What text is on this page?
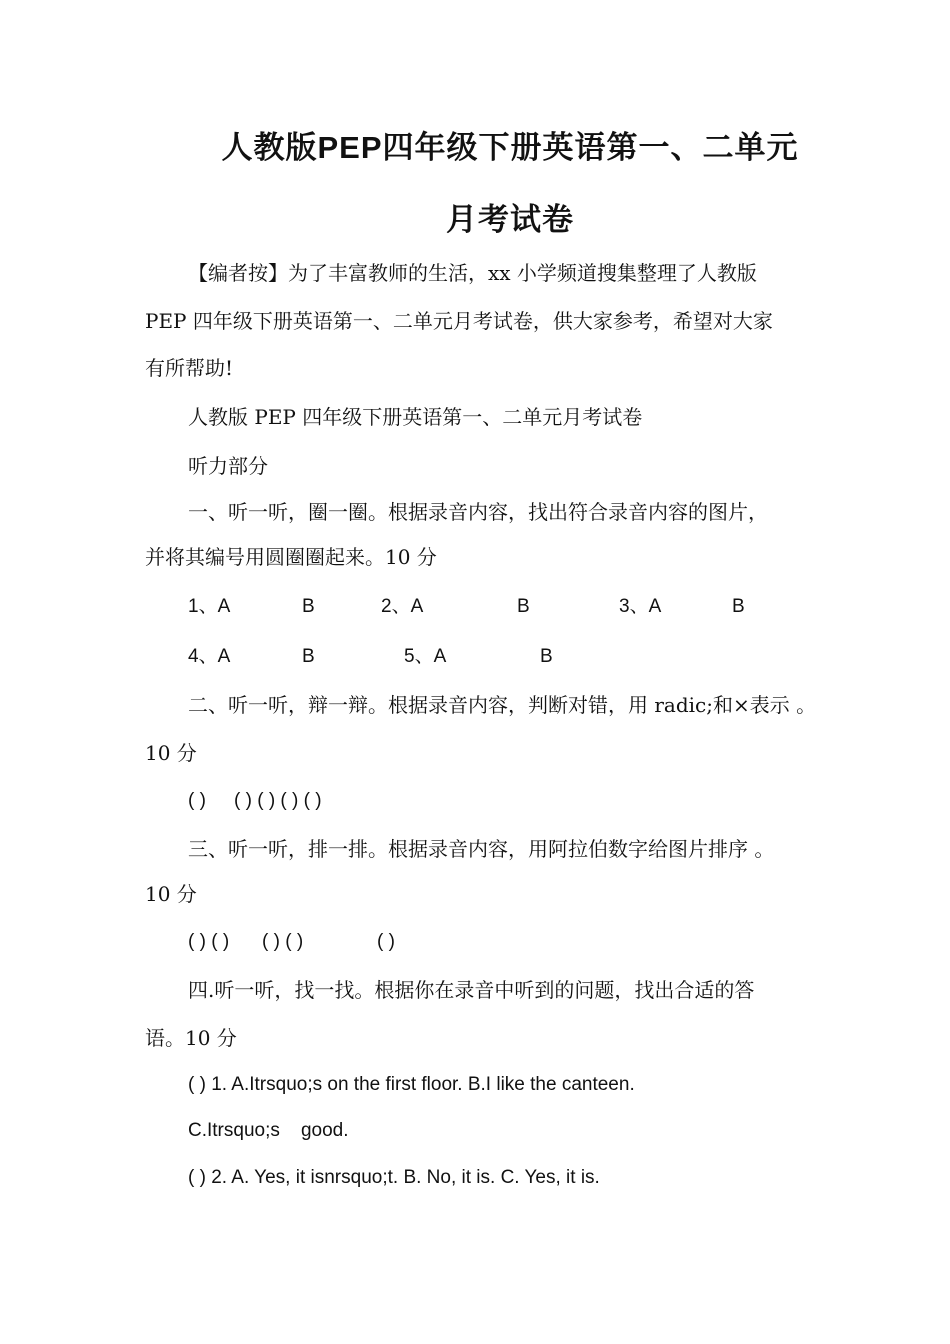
人教版PEP四年级下册英语第一、二单元
月考试卷

【编者按】为了丰富教师的生活，xx 小学频道搜集整理了人教版

PEP 四年级下册英语第一、二单元月考试卷，供大家参考，希望对大家

有所帮助!

人教版 PEP 四年级下册英语第一、二单元月考试卷

听力部分

一、听一听，圈一圈。根据录音内容，找出符合录音内容的图片，

并将其编号用圆圈圈起来。10 分

1、A	B	2、A	B	3、A	B
4、A	B	5、A	B

二、听一听，辩一辩。根据录音内容，判断对错，用 radic;和×表示 。

10 分

( ) ( ) ( ) ( ) ( )

三、听一听，排一排。根据录音内容，用阿拉伯数字给图片排序 。

10 分

( ) ( ) ( ) ( )	( )

四.听一听，找一找。根据你在录音中听到的问题，找出合适的答

语。10 分

( ) 1. A.Itrsquo;s on the first floor. B.I like the canteen.

C.Itrsquo;s    good.

( ) 2. A. Yes, it isnrsquo;t. B. No, it is. C. Yes, it is.
